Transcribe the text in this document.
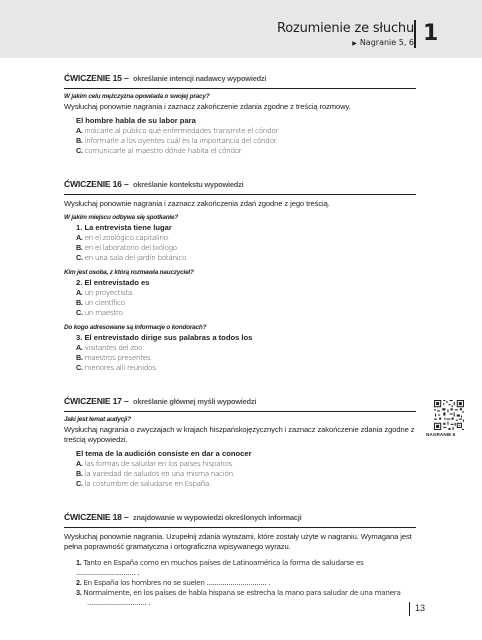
Rozumienie ze słuchu
▶ Nagranie 5, 6 1
ĆWICZENIE 15 – określanie intencji nadawcy wypowiedzi
W jakim celu mężczyzna opowiada o swojej pracy?
Wysłuchaj ponownie nagrania i zaznacz zakończenie zdania zgodne z treścią rozmowy.
El hombre habla de su labor para
A. indicarle al público qué enfermedades transmite el cóndor.
B. informarle a los oyentes cuál es la importancia del cóndor.
C. comunicarle al maestro dónde habita el cóndor.
ĆWICZENIE 16 – określanie kontekstu wypowiedzi
Wysłuchaj ponownie nagrania i zaznacz zakończenia zdań zgodne z jego treścią.
W jakim miejscu odbywa się spotkanie?
1. La entrevista tiene lugar
A. en el zoológico capitalino.
B. en el laboratorio del biólogo.
C. en una sala del jardín botánico.
Kim jest osoba, z którą rozmawia nauczyciel?
2. El entrevistado es
A. un proyectista.
B. un científico.
C. un maestro.
Do kogo adresowane są informacje o kondorach?
3. El entrevistado dirige sus palabras a todos los
A. visitantes del zoo.
B. maestros presentes.
C. menores allí reunidos.
ĆWICZENIE 17 – określanie głównej myśli wypowiedzi
Jaki jest temat audycji?
Wysłuchaj nagrania o zwyczajach w krajach hiszpańskojęzycznych i zaznacz zakończenie zdania zgodne z treścią wypowiedzi.
El tema de la audición consiste en dar a conocer
A. las formas de saludar en los países hispanos.
B. la variedad de saludos en una misma nación.
C. la costumbre de saludarse en España.
ĆWICZENIE 18 – znajdowanie w wypowiedzi określonych informacji
Wysłuchaj ponownie nagrania. Uzupełnij zdania wyrazami, które zostały użyte w nagraniu. Wymagana jest pełna poprawność gramatyczna i ortograficzna wpisywanego wyrazu.
1. Tanto en España como en muchos países de Latinoamérica la forma de saludarse es .............................. .
2. En España los hombres no se suelen .............................. .
3. Normalmente, en los países de habla hispana se estrecha la mano para saludar de una manera
.............................. .
NAGRANIE 6
13
